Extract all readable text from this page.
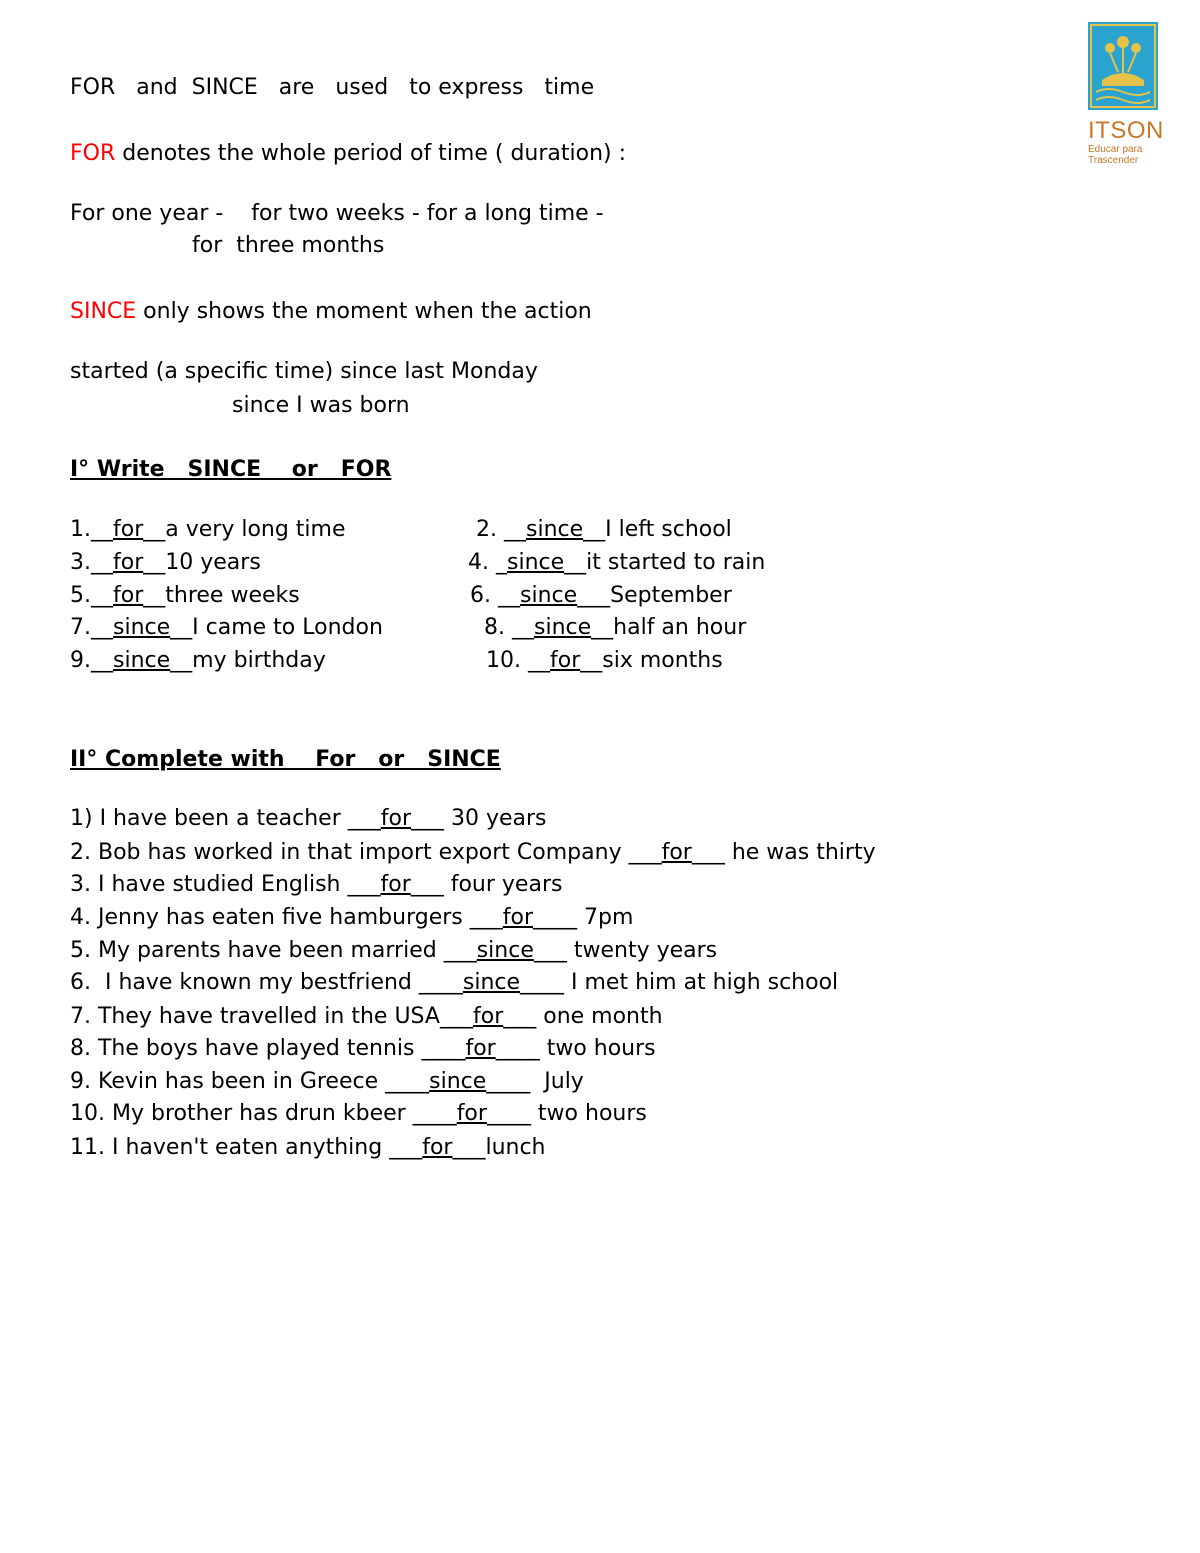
ITSON
Educar para
Trascender
FOR   and  SINCE   are   used   to express   time
FOR denotes the whole period of time ( duration) :
For one year -    for two weeks - for a long time -
for  three months
SINCE only shows the moment when the action
started (a specific time) since last Monday
since I was born
I° Write   SINCE    or   FOR
1.__for__a very long time	2. __since__I left school
3.__for__10 years	4. _since__it started to rain
5.__for__three weeks	6. __since___September
7.__since__I came to London	8. __since__half an hour
9.__since__my birthday	10. __for__six months
II° Complete with    For   or   SINCE
1) I have been a teacher ___for___ 30 years
2. Bob has worked in that import export Company ___for___ he was thirty
3. I have studied English ___for___ four years
4. Jenny has eaten five hamburgers ___for____ 7pm
5. My parents have been married ___since___ twenty years
6.  I have known my bestfriend ____since____ I met him at high school
7. They have travelled in the USA___for___ one month
8. The boys have played tennis ____for____ two hours
9. Kevin has been in Greece ____since____  July
10. My brother has drun kbeer ____for____ two hours
11. I haven't eaten anything ___for___lunch
